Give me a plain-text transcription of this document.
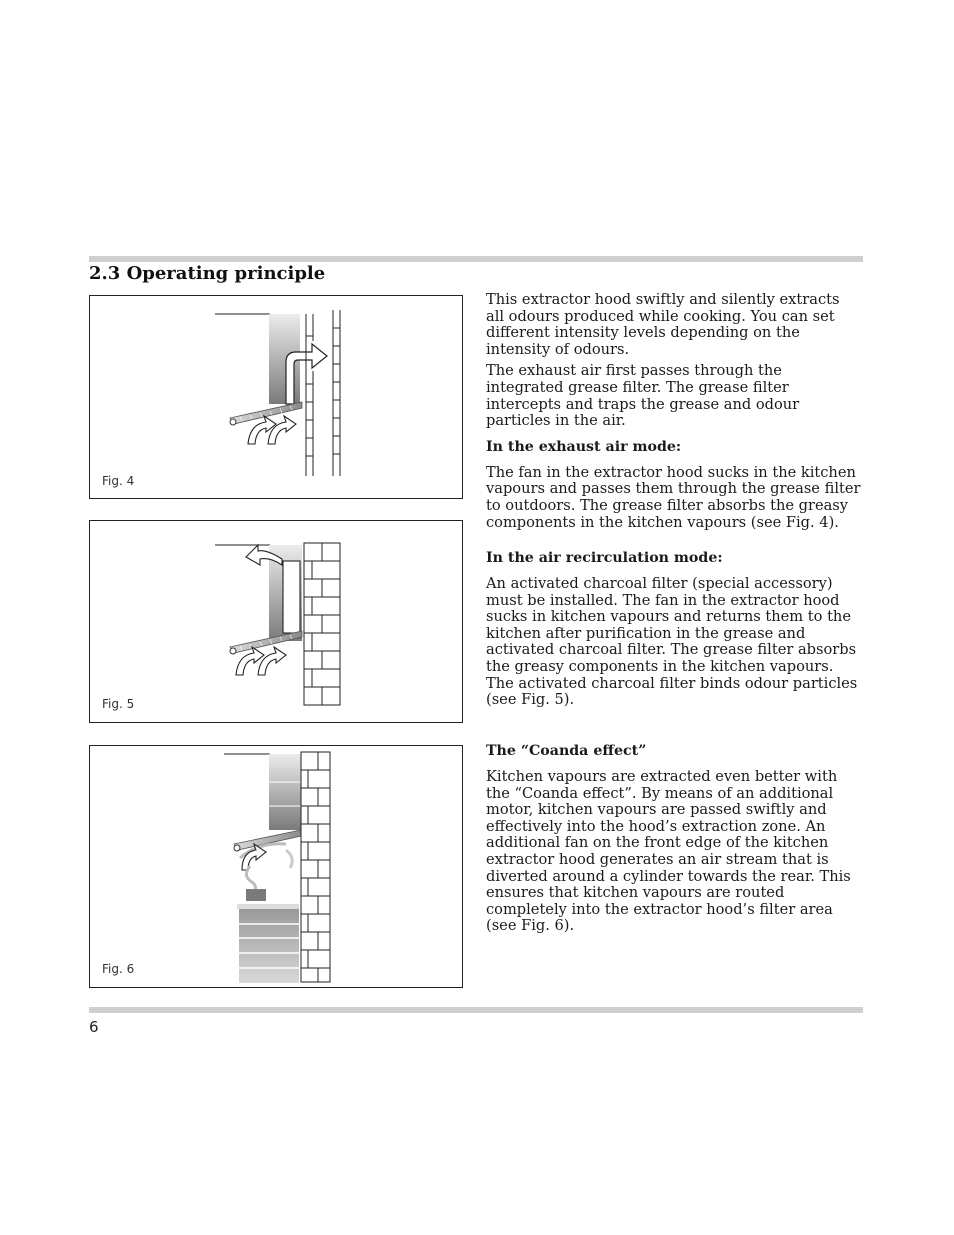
2.3 Operating principle
Fig. 4
Fig. 5
Fig. 6

This extractor hood swiftly and silently extracts all odours produced while cooking. You can set different intensity levels depending on the intensity of odours.

The exhaust air first passes through the integrated grease filter. The grease filter intercepts and traps the grease and odour particles in the air.

In the exhaust air mode:

The fan in the extractor hood sucks in the kitchen vapours and passes them through the grease filter to outdoors. The grease filter absorbs the greasy components in the kitchen vapours (see Fig. 4).

In the air recirculation mode:

An activated charcoal filter (special accessory) must be installed. The fan in the extractor hood sucks in kitchen vapours and returns them to the kitchen after purification in the grease and activated charcoal filter. The grease filter absorbs the greasy components in the kitchen vapours. The activated charcoal filter binds odour particles (see Fig. 5).

The “Coanda effect”

Kitchen vapours are extracted even better with the “Coanda effect”. By means of an additional motor, kitchen vapours are passed swiftly and effectively into the hood’s extraction zone. An additional fan on the front edge of the kitchen extractor hood generates an air stream that is diverted around a cylinder towards the rear. This ensures that kitchen vapours are routed completely into the extractor hood’s filter area (see Fig. 6).

6
